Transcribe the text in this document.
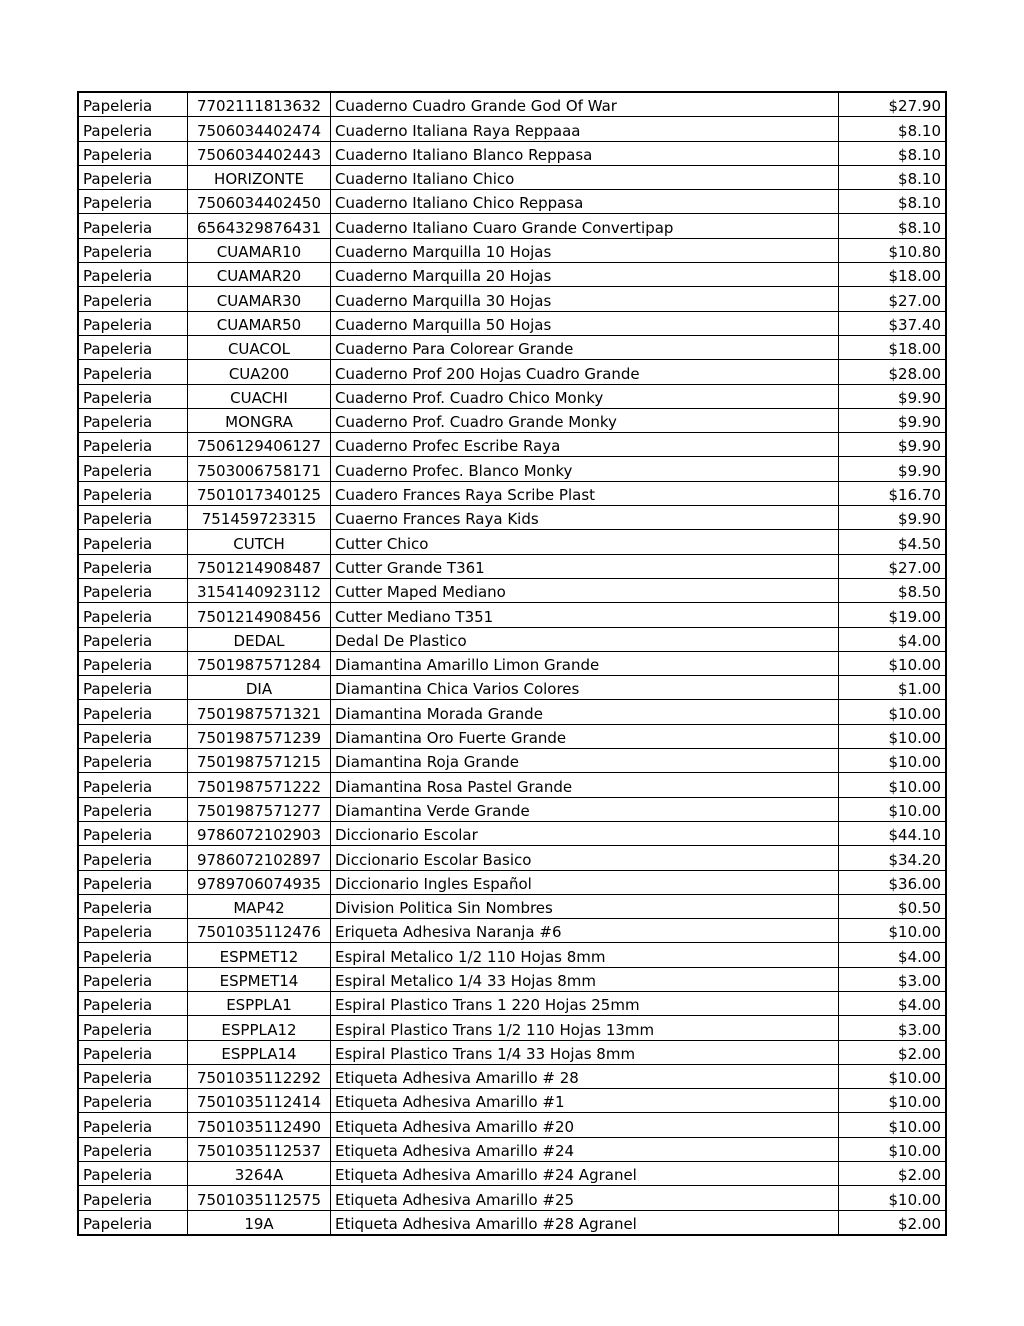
Papeleria	7702111813632	Cuaderno Cuadro Grande God Of War	$27.90
Papeleria	7506034402474	Cuaderno Italiana Raya Reppaaa	$8.10
Papeleria	7506034402443	Cuaderno Italiano Blanco Reppasa	$8.10
Papeleria	HORIZONTE	Cuaderno Italiano Chico	$8.10
Papeleria	7506034402450	Cuaderno Italiano Chico Reppasa	$8.10
Papeleria	6564329876431	Cuaderno Italiano Cuaro Grande Convertipap	$8.10
Papeleria	CUAMAR10	Cuaderno Marquilla 10 Hojas	$10.80
Papeleria	CUAMAR20	Cuaderno Marquilla 20 Hojas	$18.00
Papeleria	CUAMAR30	Cuaderno Marquilla 30 Hojas	$27.00
Papeleria	CUAMAR50	Cuaderno Marquilla 50 Hojas	$37.40
Papeleria	CUACOL	Cuaderno Para Colorear Grande	$18.00
Papeleria	CUA200	Cuaderno Prof 200 Hojas Cuadro Grande	$28.00
Papeleria	CUACHI	Cuaderno Prof. Cuadro Chico Monky	$9.90
Papeleria	MONGRA	Cuaderno Prof. Cuadro Grande Monky	$9.90
Papeleria	7506129406127	Cuaderno Profec Escribe Raya	$9.90
Papeleria	7503006758171	Cuaderno Profec. Blanco Monky	$9.90
Papeleria	7501017340125	Cuadero Frances Raya Scribe Plast	$16.70
Papeleria	751459723315	Cuaerno Frances Raya Kids	$9.90
Papeleria	CUTCH	Cutter Chico	$4.50
Papeleria	7501214908487	Cutter Grande T361	$27.00
Papeleria	3154140923112	Cutter Maped Mediano	$8.50
Papeleria	7501214908456	Cutter Mediano T351	$19.00
Papeleria	DEDAL	Dedal De Plastico	$4.00
Papeleria	7501987571284	Diamantina Amarillo Limon Grande	$10.00
Papeleria	DIA	Diamantina Chica Varios Colores	$1.00
Papeleria	7501987571321	Diamantina Morada Grande	$10.00
Papeleria	7501987571239	Diamantina Oro Fuerte Grande	$10.00
Papeleria	7501987571215	Diamantina Roja Grande	$10.00
Papeleria	7501987571222	Diamantina Rosa Pastel Grande	$10.00
Papeleria	7501987571277	Diamantina Verde Grande	$10.00
Papeleria	9786072102903	Diccionario Escolar	$44.10
Papeleria	9786072102897	Diccionario Escolar Basico	$34.20
Papeleria	9789706074935	Diccionario Ingles Español	$36.00
Papeleria	MAP42	Division Politica Sin Nombres	$0.50
Papeleria	7501035112476	Eriqueta Adhesiva Naranja #6	$10.00
Papeleria	ESPMET12	Espiral Metalico 1/2 110 Hojas 8mm	$4.00
Papeleria	ESPMET14	Espiral Metalico 1/4 33 Hojas 8mm	$3.00
Papeleria	ESPPLA1	Espiral Plastico Trans 1 220 Hojas 25mm	$4.00
Papeleria	ESPPLA12	Espiral Plastico Trans 1/2 110 Hojas 13mm	$3.00
Papeleria	ESPPLA14	Espiral Plastico Trans 1/4 33 Hojas 8mm	$2.00
Papeleria	7501035112292	Etiqueta Adhesiva Amarillo # 28	$10.00
Papeleria	7501035112414	Etiqueta Adhesiva Amarillo #1	$10.00
Papeleria	7501035112490	Etiqueta Adhesiva Amarillo #20	$10.00
Papeleria	7501035112537	Etiqueta Adhesiva Amarillo #24	$10.00
Papeleria	3264A	Etiqueta Adhesiva Amarillo #24 Agranel	$2.00
Papeleria	7501035112575	Etiqueta Adhesiva Amarillo #25	$10.00
Papeleria	19A	Etiqueta Adhesiva Amarillo #28 Agranel	$2.00
